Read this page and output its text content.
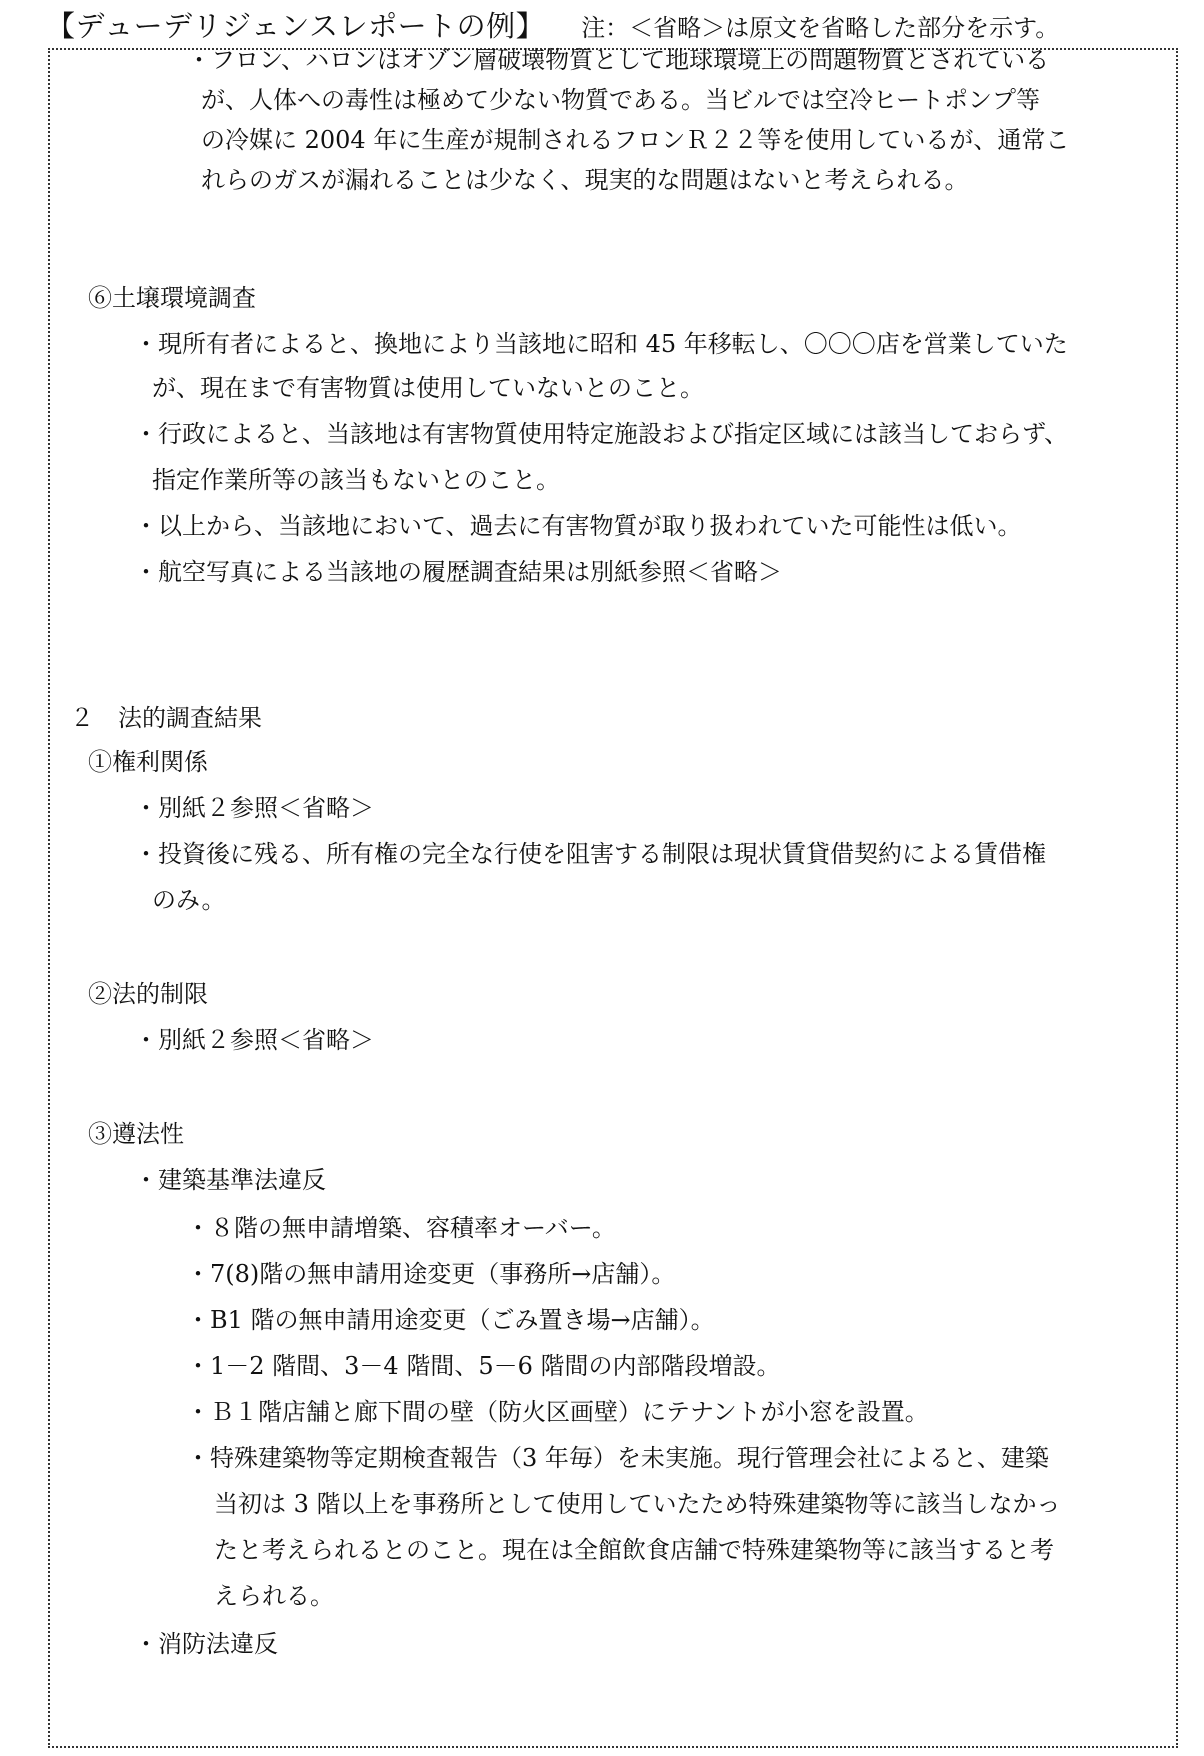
【デューデリジェンスレポートの例】 注：＜省略＞は原文を省略した部分を示す。
・フロン、ハロンはオゾン層破壊物質として地球環境上の問題物質とされている
が、人体への毒性は極めて少ない物質である。当ビルでは空冷ヒートポンプ等
の冷媒に 2004 年に生産が規制されるフロンＲ２２等を使用しているが、通常こ
れらのガスが漏れることは少なく、現実的な問題はないと考えられる。
⑥土壌環境調査
・現所有者によると、換地により当該地に昭和 45 年移転し、〇〇〇店を営業していた
が、現在まで有害物質は使用していないとのこと。
・行政によると、当該地は有害物質使用特定施設および指定区域には該当しておらず、
指定作業所等の該当もないとのこと。
・以上から、当該地において、過去に有害物質が取り扱われていた可能性は低い。
・航空写真による当該地の履歴調査結果は別紙参照＜省略＞
２　法的調査結果
①権利関係
・別紙２参照＜省略＞
・投資後に残る、所有権の完全な行使を阻害する制限は現状賃貸借契約による賃借権
のみ。
②法的制限
・別紙２参照＜省略＞
③遵法性
・建築基準法違反
・８階の無申請増築、容積率オーバー。
・7(8)階の無申請用途変更（事務所→店舗）。
・B1 階の無申請用途変更（ごみ置き場→店舗）。
・1－2 階間、3－4 階間、5－6 階間の内部階段増設。
・Ｂ１階店舗と廊下間の壁（防火区画壁）にテナントが小窓を設置。
・特殊建築物等定期検査報告（3 年毎）を未実施。現行管理会社によると、建築
当初は 3 階以上を事務所として使用していたため特殊建築物等に該当しなかっ
たと考えられるとのこと。現在は全館飲食店舗で特殊建築物等に該当すると考
えられる。
・消防法違反
